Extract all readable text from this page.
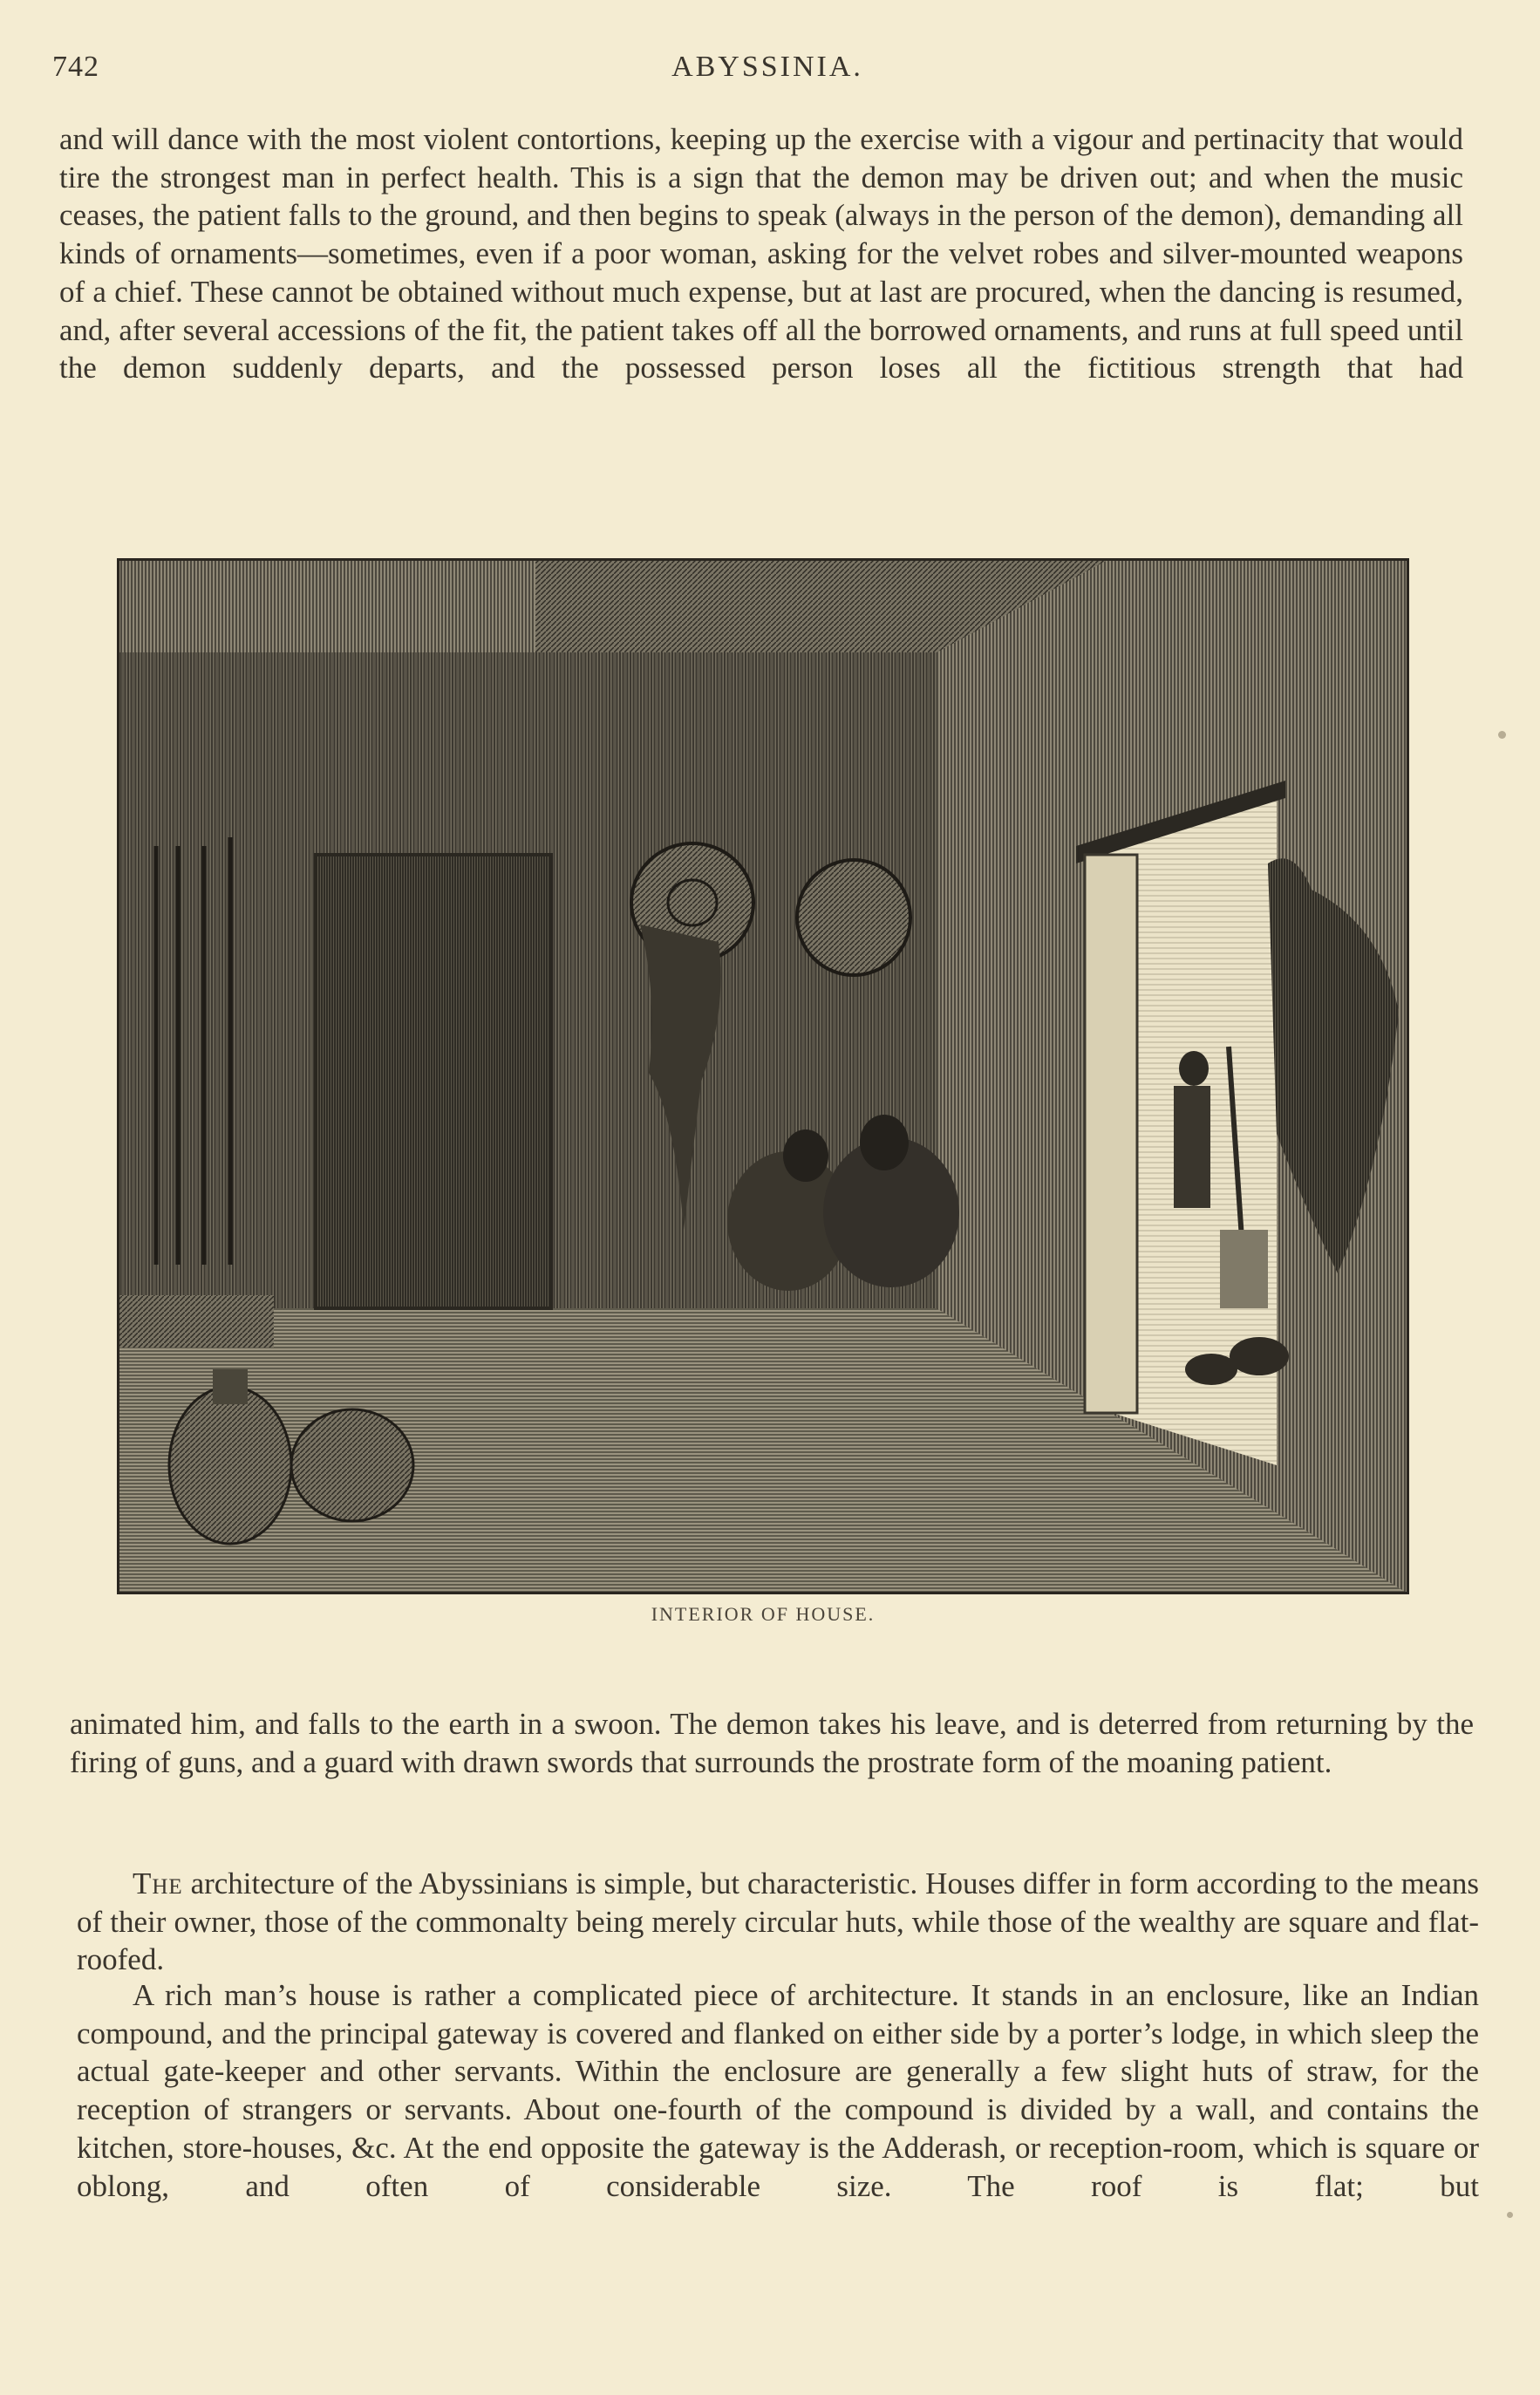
742	ABYSSINIA.

and will dance with the most violent contortions, keeping up the exercise with a vigour and pertinacity that would tire the strongest man in perfect health. This is a sign that the demon may be driven out; and when the music ceases, the patient falls to the ground, and then begins to speak (always in the person of the demon), demanding all kinds of ornaments—sometimes, even if a poor woman, asking for the velvet robes and silver-mounted weapons of a chief. These cannot be obtained without much expense, but at last are procured, when the dancing is resumed, and, after several accessions of the fit, the patient takes off all the borrowed ornaments, and runs at full speed until the demon suddenly departs, and the possessed person loses all the fictitious strength that had

INTERIOR OF HOUSE.

animated him, and falls to the earth in a swoon. The demon takes his leave, and is deterred from returning by the firing of guns, and a guard with drawn swords that surrounds the prostrate form of the moaning patient.

The architecture of the Abyssinians is simple, but characteristic. Houses differ in form according to the means of their owner, those of the commonalty being merely circular huts, while those of the wealthy are square and flat-roofed.

A rich man’s house is rather a complicated piece of architecture. It stands in an enclosure, like an Indian compound, and the principal gateway is covered and flanked on either side by a porter’s lodge, in which sleep the actual gate-keeper and other servants. Within the enclosure are generally a few slight huts of straw, for the reception of strangers or servants. About one-fourth of the compound is divided by a wall, and contains the kitchen, store-houses, &c. At the end opposite the gateway is the Adderash, or reception-room, which is square or oblong, and often of considerable size. The roof is flat; but
